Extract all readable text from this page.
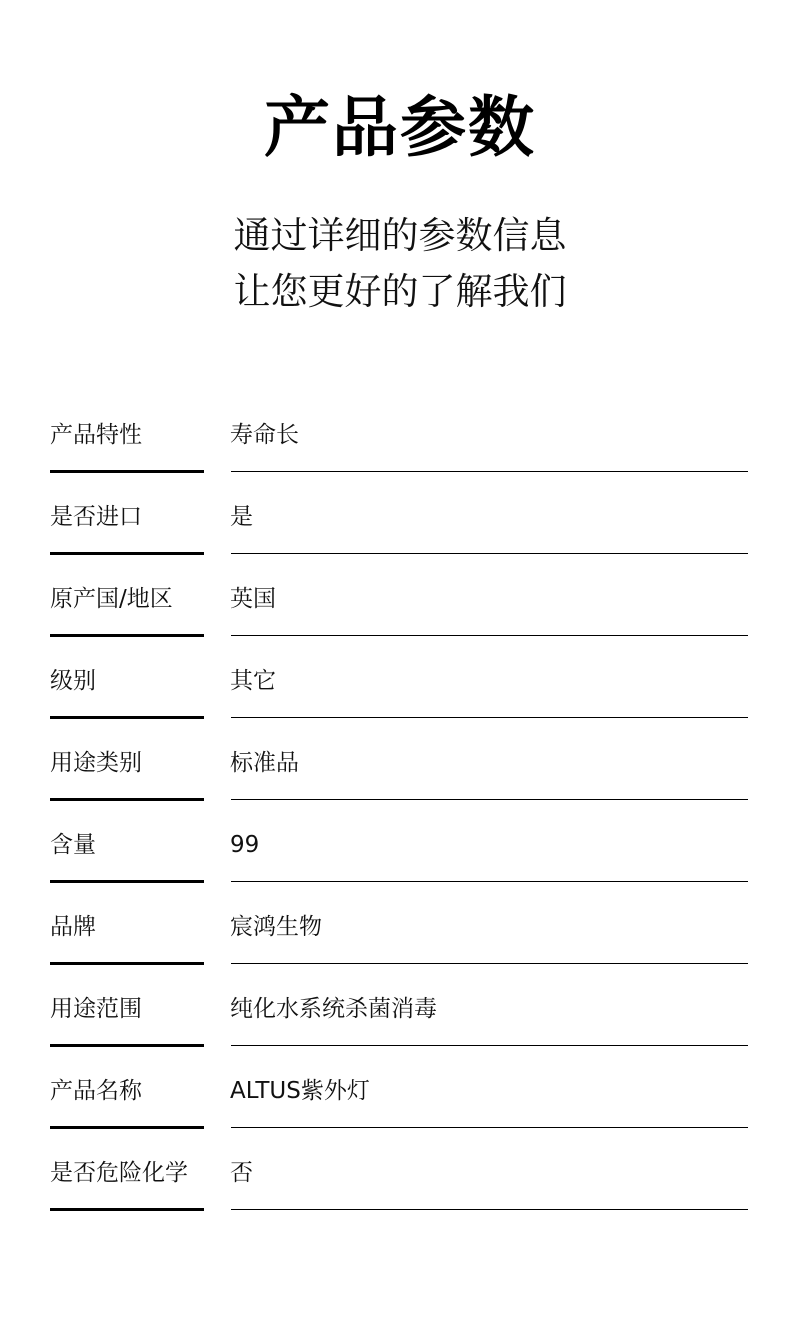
产品参数
通过详细的参数信息
让您更好的了解我们
产品特性	寿命长
是否进口	是
原产国/地区 英国
级别	其它
用途类别	标准品
含量	99
品牌	宸鸿生物
用途范围	纯化水系统杀菌消毒
产品名称	ALTUS紫外灯
是否危险化学 否
